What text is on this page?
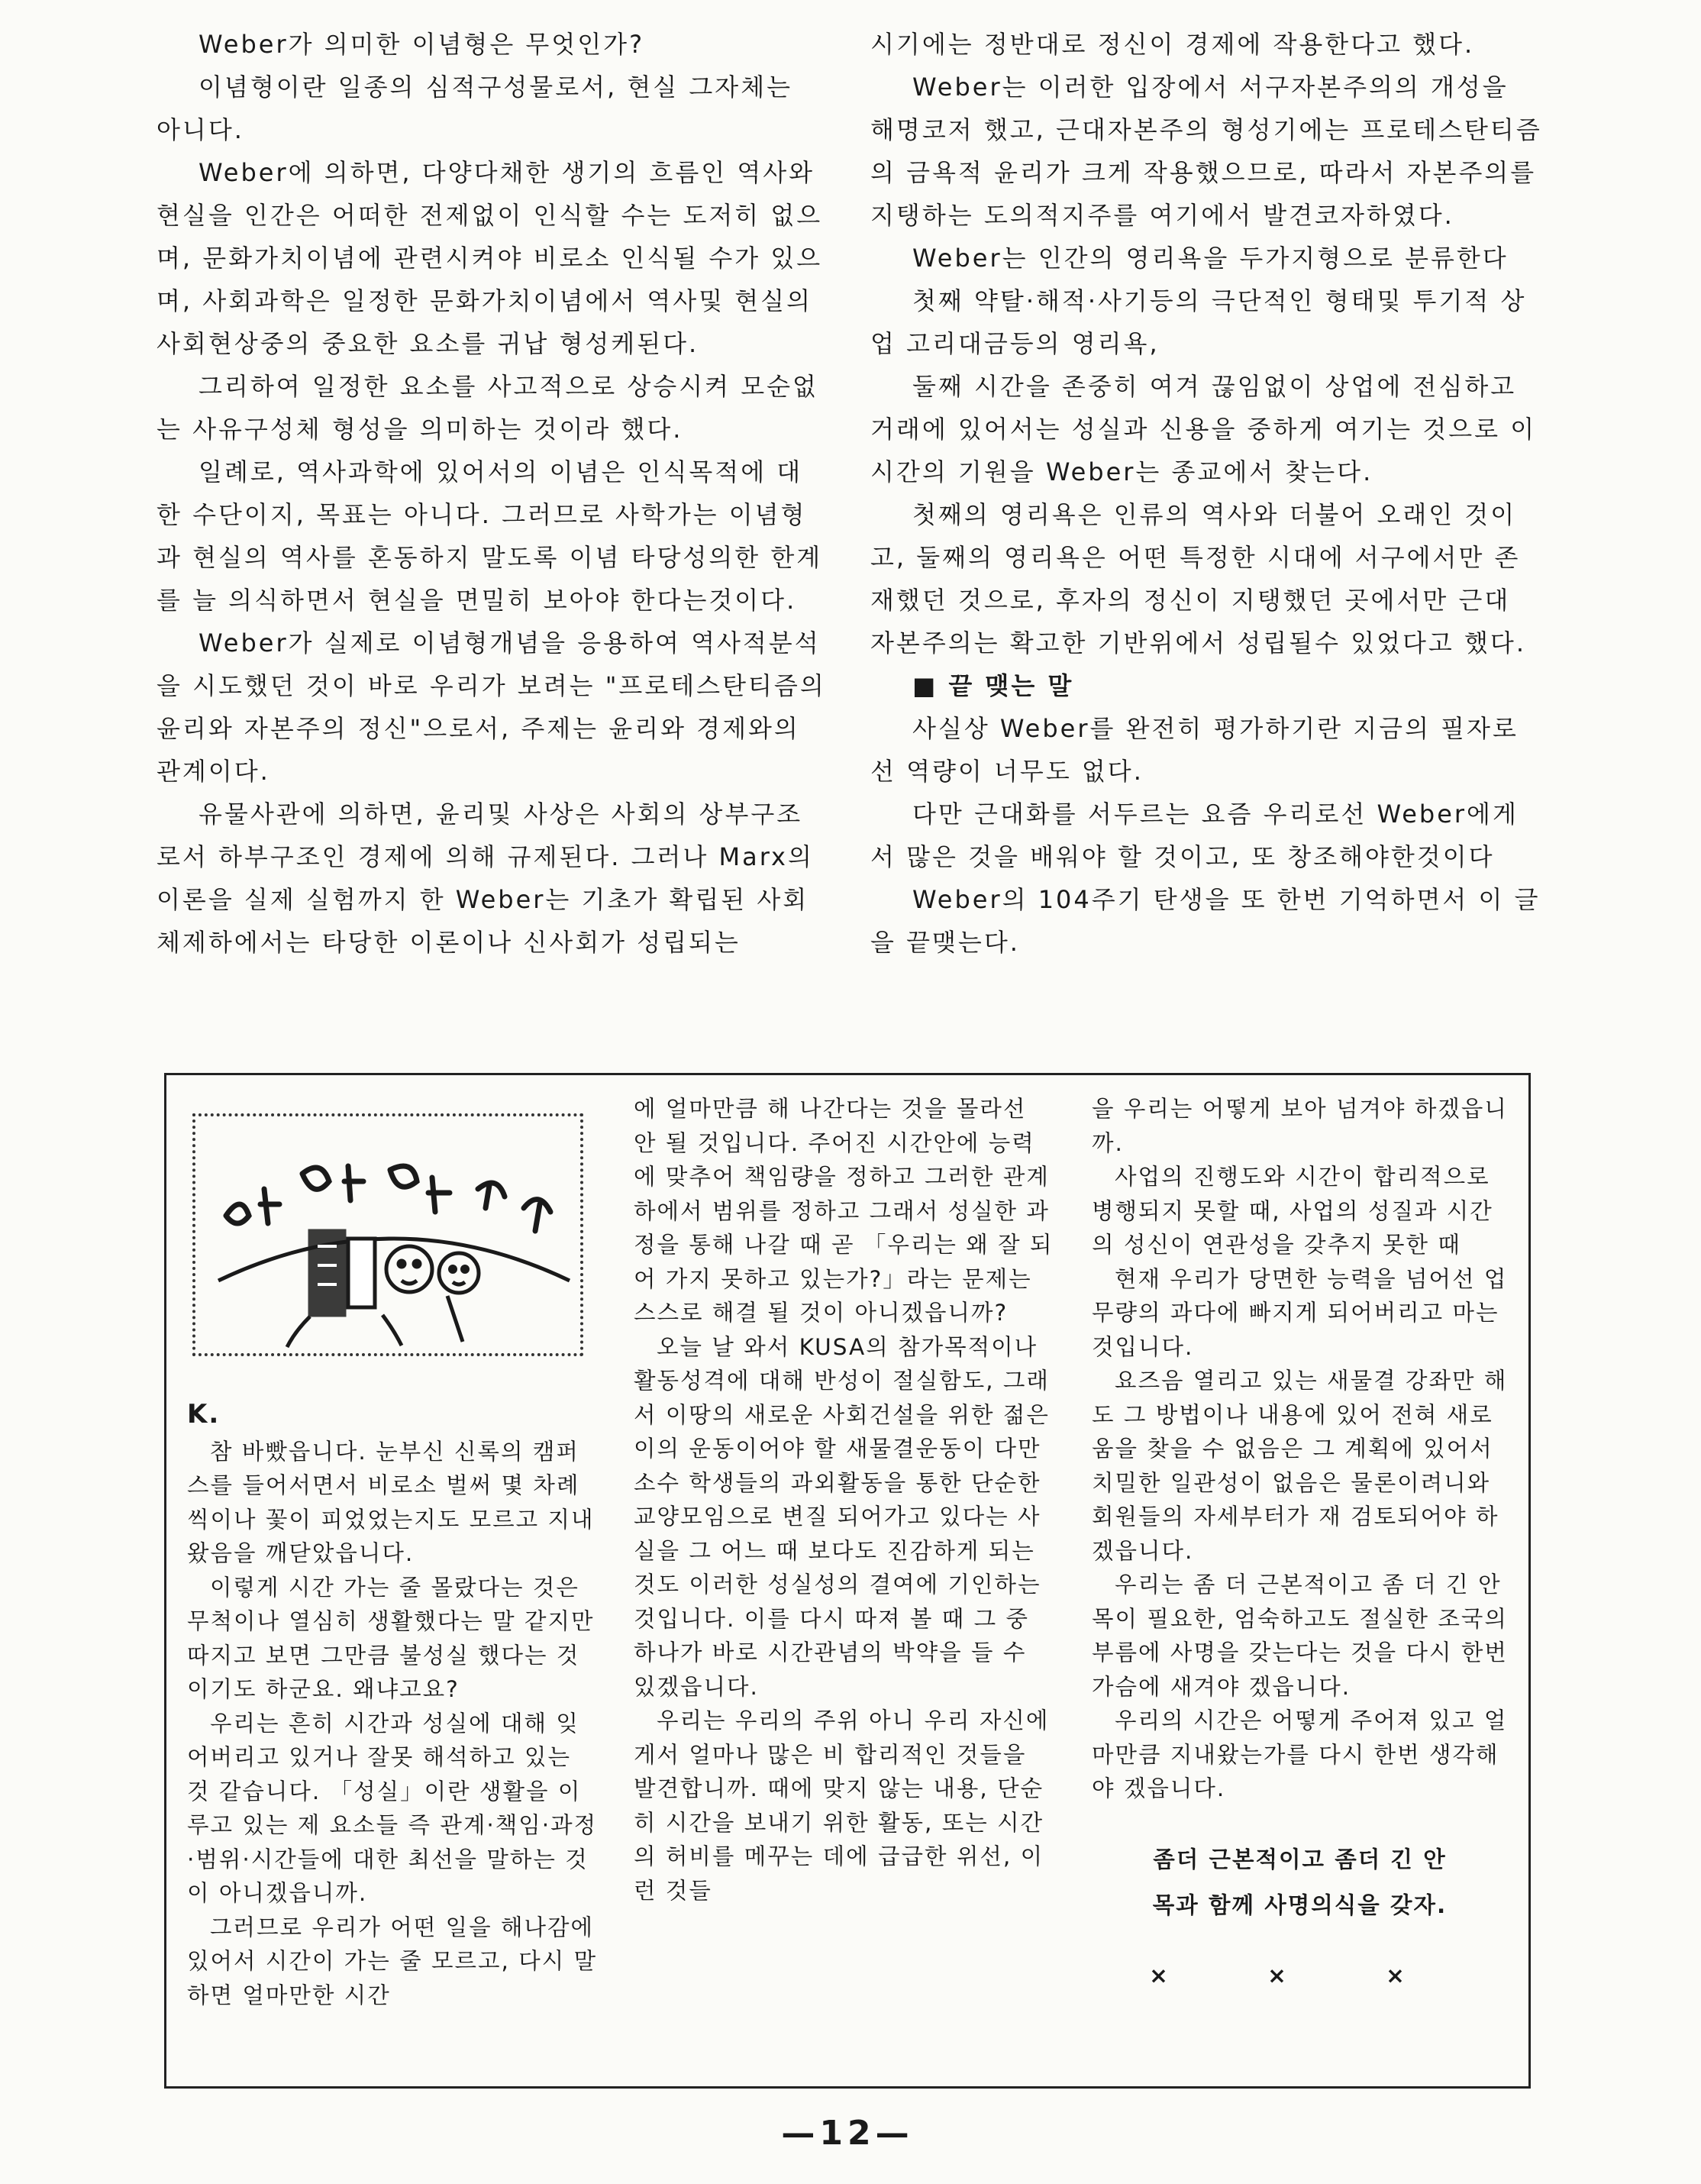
Weber가 의미한 이념형은 무엇인가?

이념형이란 일종의 심적구성물로서, 현실 그자체는 아니다.

Weber에 의하면, 다양다채한 생기의 흐름인 역사와 현실을 인간은 어떠한 전제없이 인식할 수는 도저히 없으며, 문화가치이념에 관련시켜야 비로소 인식될 수가 있으며, 사회과학은 일정한 문화가치이념에서 역사및 현실의 사회현상중의 중요한 요소를 귀납 형성케된다.

그리하여 일정한 요소를 사고적으로 상승시켜 모순없는 사유구성체 형성을 의미하는 것이라 했다.

일례로, 역사과학에 있어서의 이념은 인식목적에 대한 수단이지, 목표는 아니다. 그러므로 사학가는 이념형과 현실의 역사를 혼동하지 말도록 이념 타당성의한 한계를 늘 의식하면서 현실을 면밀히 보아야 한다는것이다.

Weber가 실제로 이념형개념을 응용하여 역사적분석을 시도했던 것이 바로 우리가 보려는 "프로테스탄티즘의 윤리와 자본주의 정신"으로서, 주제는 윤리와 경제와의 관계이다.

유물사관에 의하면, 윤리및 사상은 사회의 상부구조로서 하부구조인 경제에 의해 규제된다. 그러나 Marx의 이론을 실제 실험까지 한 Weber는 기초가 확립된 사회체제하에서는 타당한 이론이나 신사회가 성립되는

시기에는 정반대로 정신이 경제에 작용한다고 했다.

Weber는 이러한 입장에서 서구자본주의의 개성을 해명코저 했고, 근대자본주의 형성기에는 프로테스탄티즘의 금욕적 윤리가 크게 작용했으므로, 따라서 자본주의를 지탱하는 도의적지주를 여기에서 발견코자하였다.

Weber는 인간의 영리욕을 두가지형으로 분류한다

첫째 약탈·해적·사기등의 극단적인 형태및 투기적 상업 고리대금등의 영리욕,

둘째 시간을 존중히 여겨 끊임없이 상업에 전심하고 거래에 있어서는 성실과 신용을 중하게 여기는 것으로 이 시간의 기원을 Weber는 종교에서 찾는다.

첫째의 영리욕은 인류의 역사와 더불어 오래인 것이고, 둘째의 영리욕은 어떤 특정한 시대에 서구에서만 존재했던 것으로, 후자의 정신이 지탱했던 곳에서만 근대 자본주의는 확고한 기반위에서 성립될수 있었다고 했다.

■ 끝 맺는 말

사실상 Weber를 완전히 평가하기란 지금의 필자로선 역량이 너무도 없다.

다만 근대화를 서두르는 요즘 우리로선 Weber에게서 많은 것을 배워야 할 것이고, 또 창조해야한것이다

Weber의 104주기 탄생을 또 한번 기억하면서 이 글을 끝맺는다.

K.

참 바빴읍니다. 눈부신 신록의 캠퍼스를 들어서면서 비로소 벌써 몇 차례씩이나 꽃이 피었었는지도 모르고 지내왔음을 깨닫았읍니다.

이렇게 시간 가는 줄 몰랐다는 것은 무척이나 열심히 생활했다는 말 같지만 따지고 보면 그만큼 불성실 했다는 것이기도 하군요. 왜냐고요?

우리는 흔히 시간과 성실에 대해 잊어버리고 있거나 잘못 해석하고 있는 것 같습니다. 「성실」이란 생활을 이루고 있는 제 요소들 즉 관계·책임·과정·범위·시간들에 대한 최선을 말하는 것이 아니겠읍니까.

그러므로 우리가 어떤 일을 해나감에 있어서 시간이 가는 줄 모르고, 다시 말하면 얼마만한 시간

에 얼마만큼 해 나간다는 것을 몰라선 안 될 것입니다. 주어진 시간안에 능력에 맞추어 책임량을 정하고 그러한 관계하에서 범위를 정하고 그래서 성실한 과정을 통해 나갈 때 곧 「우리는 왜 잘 되어 가지 못하고 있는가?」라는 문제는 스스로 해결 될 것이 아니겠읍니까?

오늘 날 와서 KUSA의 참가목적이나 활동성격에 대해 반성이 절실함도, 그래서 이땅의 새로운 사회건설을 위한 젊은이의 운동이어야 할 새물결운동이 다만 소수 학생들의 과외활동을 통한 단순한 교양모임으로 변질 되어가고 있다는 사실을 그 어느 때 보다도 진감하게 되는 것도 이러한 성실성의 결여에 기인하는 것입니다. 이를 다시 따져 볼 때 그 중 하나가 바로 시간관념의 박약을 들 수 있겠읍니다.

우리는 우리의 주위 아니 우리 자신에게서 얼마나 많은 비 합리적인 것들을 발견합니까. 때에 맞지 않는 내용, 단순히 시간을 보내기 위한 활동, 또는 시간의 허비를 메꾸는 데에 급급한 위선, 이런 것들

을 우리는 어떻게 보아 넘겨야 하겠읍니까.

사업의 진행도와 시간이 합리적으로 병행되지 못할 때, 사업의 성질과 시간의 성신이 연관성을 갖추지 못한 때

현재 우리가 당면한 능력을 넘어선 업무량의 과다에 빠지게 되어버리고 마는 것입니다.

요즈음 열리고 있는 새물결 강좌만 해도 그 방법이나 내용에 있어 전혀 새로움을 찾을 수 없음은 그 계획에 있어서 치밀한 일관성이 없음은 물론이려니와 회원들의 자세부터가 재 검토되어야 하겠읍니다.

우리는 좀 더 근본적이고 좀 더 긴 안목이 필요한, 엄숙하고도 절실한 조국의 부름에 사명을 갖는다는 것을 다시 한번 가슴에 새겨야 겠읍니다.

우리의 시간은 어떻게 주어져 있고 얼마만큼 지내왔는가를 다시 한번 생각해야 겠읍니다.

좀더 근본적이고 좀더 긴 안
목과 함께 사명의식을 갖자.

× × ×

—12—
